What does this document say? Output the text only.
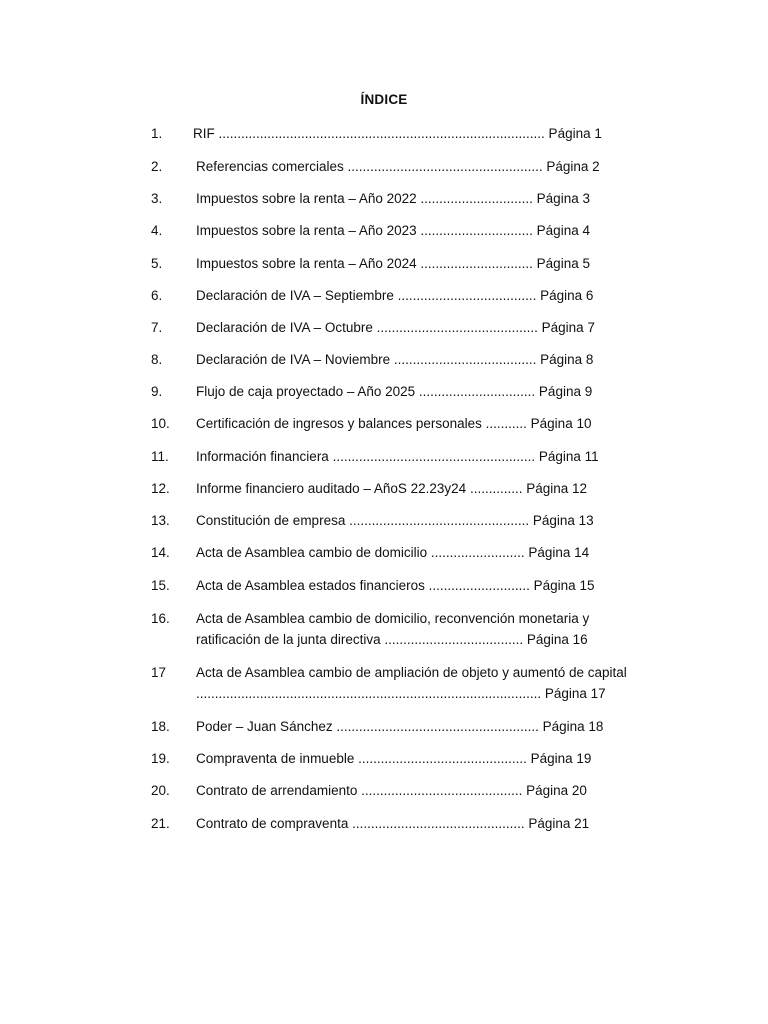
ÍNDICE
1. RIF ....................................................................................... Página 1
2. Referencias comerciales .................................................... Página 2
3. Impuestos sobre la renta – Año 2022 .............................. Página 3
4. Impuestos sobre la renta – Año 2023 .............................. Página 4
5. Impuestos sobre la renta – Año 2024 .............................. Página 5
6. Declaración de IVA – Septiembre ..................................... Página 6
7. Declaración de IVA – Octubre ........................................... Página 7
8. Declaración de IVA – Noviembre ...................................... Página 8
9. Flujo de caja proyectado – Año 2025 ............................... Página 9
10. Certificación de ingresos y balances personales ........... Página 10
11. Información financiera ...................................................... Página 11
12. Informe financiero auditado – AñoS 22.23y24 .............. Página 12
13. Constitución de empresa ................................................ Página 13
14. Acta de Asamblea cambio de domicilio ......................... Página 14
15. Acta de Asamblea estados financieros ........................... Página 15
16. Acta de Asamblea cambio de domicilio, reconvención monetaria y
ratificación de la junta directiva ..................................... Página 16
17 Acta de Asamblea cambio de ampliación de objeto y aumentó de capital
............................................................................................ Página 17
18. Poder – Juan Sánchez ...................................................... Página 18
19. Compraventa de inmueble ............................................. Página 19
20. Contrato de arrendamiento ........................................... Página 20
21. Contrato de compraventa .............................................. Página 21
